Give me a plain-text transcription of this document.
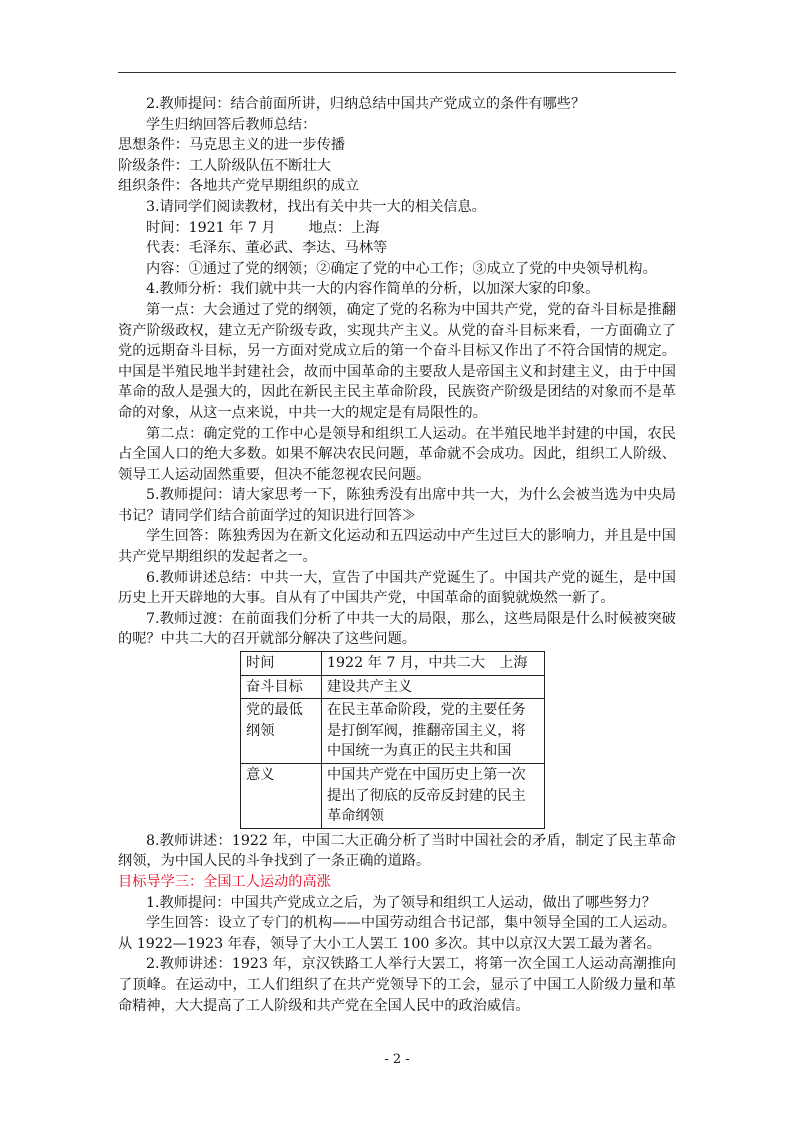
2.教师提问：结合前面所讲，归纳总结中国共产党成立的条件有哪些？

学生归纳回答后教师总结：

思想条件：马克思主义的进一步传播

阶级条件：工人阶级队伍不断壮大

组织条件：各地共产党早期组织的成立

3.请同学们阅读教材，找出有关中共一大的相关信息。

时间：1921 年 7 月　　 地点：上海

代表：毛泽东、董必武、李达、马林等

内容：①通过了党的纲领；②确定了党的中心工作；③成立了党的中央领导机构。

4.教师分析：我们就中共一大的内容作简单的分析，以加深大家的印象。

第一点：大会通过了党的纲领，确定了党的名称为中国共产党，党的奋斗目标是推翻资产阶级政权，建立无产阶级专政，实现共产主义。从党的奋斗目标来看，一方面确立了党的远期奋斗目标，另一方面对党成立后的第一个奋斗目标又作出了不符合国情的规定。中国是半殖民地半封建社会，故而中国革命的主要敌人是帝国主义和封建主义，由于中国革命的敌人是强大的，因此在新民主民主革命阶段，民族资产阶级是团结的对象而不是革命的对象，从这一点来说，中共一大的规定是有局限性的。

第二点：确定党的工作中心是领导和组织工人运动。在半殖民地半封建的中国，农民占全国人口的绝大多数。如果不解决农民问题，革命就不会成功。因此，组织工人阶级、领导工人运动固然重要，但决不能忽视农民问题。

5.教师提问：请大家思考一下，陈独秀没有出席中共一大，为什么会被当选为中央局书记？请同学们结合前面学过的知识进行回答≫

学生回答：陈独秀因为在新文化运动和五四运动中产生过巨大的影响力，并且是中国共产党早期组织的发起者之一。

6.教师讲述总结：中共一大，宣告了中国共产党诞生了。中国共产党的诞生，是中国历史上开天辟地的大事。自从有了中国共产党，中国革命的面貌就焕然一新了。

7.教师过渡：在前面我们分析了中共一大的局限，那么，这些局限是什么时候被突破的呢？中共二大的召开就部分解决了这些问题。

时间	1922 年 7 月，中共二大　上海
奋斗目标	建设共产主义
党的最低纲领	在民主革命阶段，党的主要任务是打倒军阀，推翻帝国主义，将中国统一为真正的民主共和国
意义	中国共产党在中国历史上第一次提出了彻底的反帝反封建的民主革命纲领

8.教师讲述：1922 年，中国二大正确分析了当时中国社会的矛盾，制定了民主革命纲领，为中国人民的斗争找到了一条正确的道路。

目标导学三：全国工人运动的高涨

1.教师提问：中国共产党成立之后，为了领导和组织工人运动，做出了哪些努力？

学生回答：设立了专门的机构——中国劳动组合书记部，集中领导全国的工人运动。从 1922—1923 年春，领导了大小工人罢工 100 多次。其中以京汉大罢工最为著名。

2.教师讲述：1923 年，京汉铁路工人举行大罢工，将第一次全国工人运动高潮推向了顶峰。在运动中，工人们组织了在共产党领导下的工会，显示了中国工人阶级力量和革命精神，大大提高了工人阶级和共产党在全国人民中的政治威信。

- 2 -
